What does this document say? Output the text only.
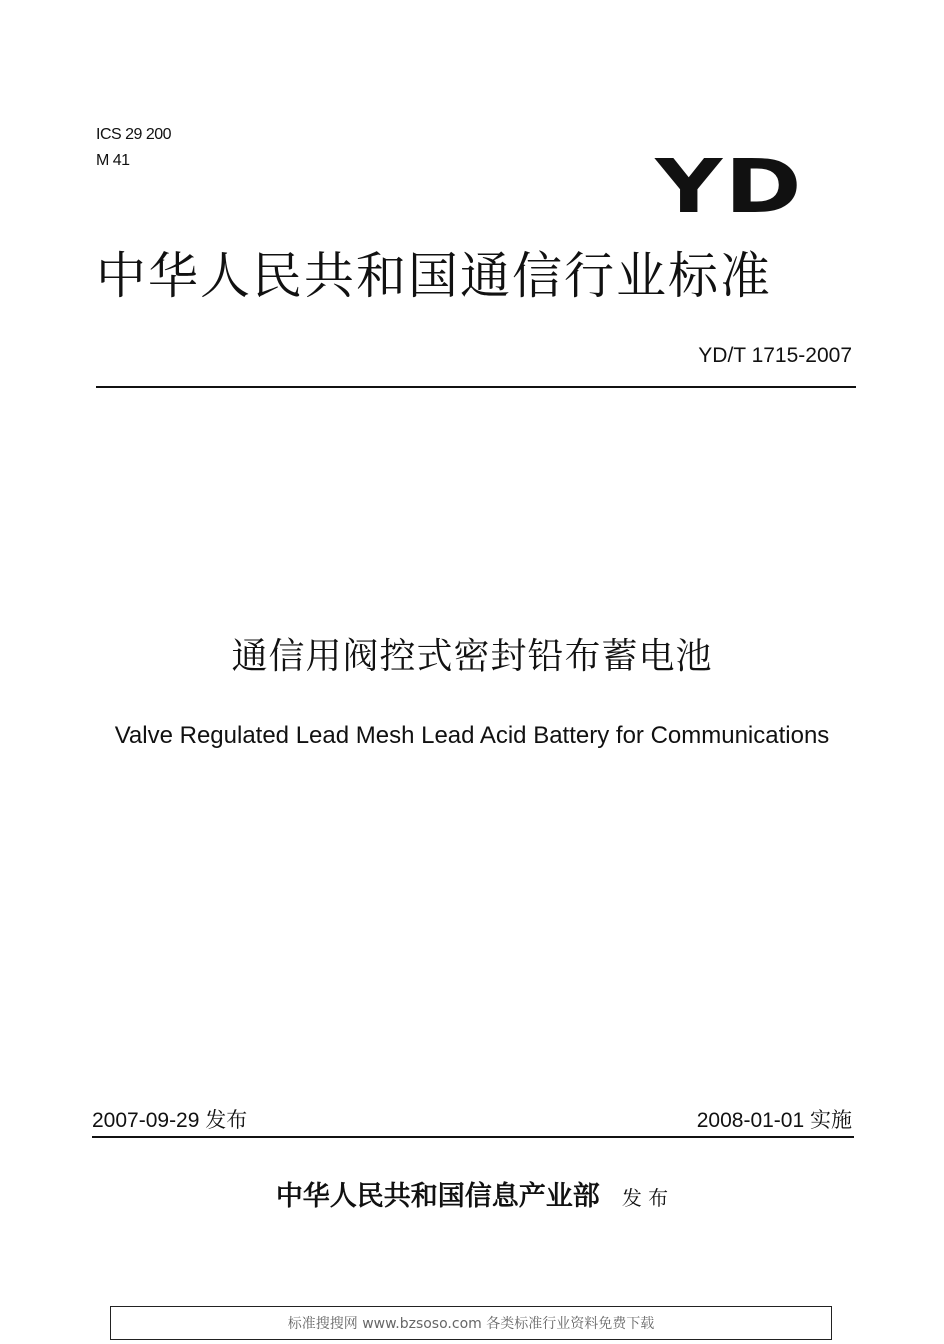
ICS 29 200
M 41	YD
中华人民共和国通信行业标准
YD/T 1715-2007
通信用阀控式密封铅布蓄电池
Valve Regulated Lead Mesh Lead Acid Battery for Communications
2007-09-29 发布	2008-01-01 实施
中华人民共和国信息产业部 发 布
标准搜搜网 www.bzsoso.com 各类标准行业资料免费下载
